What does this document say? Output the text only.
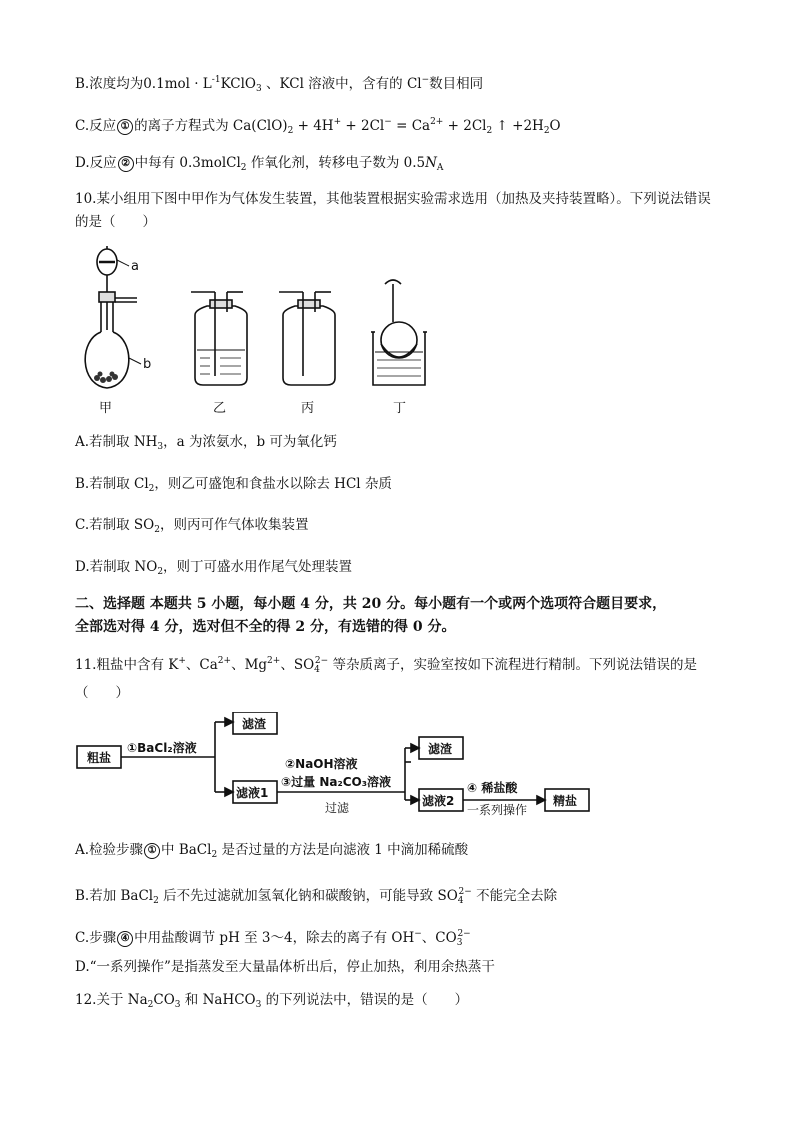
B.浓度均为$0.1mol \cdot L^{-1}KClO_3$ 、KCl 溶液中，含有的 Cl−数目相同
C.反应 ① 的离子方程式为 $Ca(ClO)_2 + 4H^+ + 2Cl^- = Ca^{2+} + 2Cl_2$ ↑ $+2H_2O$
D.反应 ② 中每有 0.3molCl$_2$ 作氧化剂，转移电子数为 $0.5N_A$
10.某小组用下图中甲作为气体发生装置，其他装置根据实验需求选用（加热及夹持装置略）。下列说法错误
的是（　　）
a
b
甲	乙	丙	丁
A.若制取 $NH_3$，a 为浓氨水，b 可为氧化钙
B.若制取 $Cl_2$，则乙可盛饱和食盐水以除去 HCl 杂质
C.若制取 $SO_2$，则丙可作气体收集装置
D.若制取 $NO_2$，则丁可盛水用作尾气处理装置
二、选择题 本题共 5 小题，每小题 4 分，共 20 分。每小题有一个或两个选项符合题目要求，
全部选对得 4 分，选对但不全的得 2 分，有选错的得 0 分。
11.粗盐中含有 K+、$Ca^{2+}$、$Mg^{2+}$、$SO_4^{2-}$ 等杂质离子，实验室按如下流程进行精制。下列说法错误的是
（　　）
粗盐
①BaCl₂溶液
滤渣
滤液1
②NaOH溶液
③过量 Na₂CO₃溶液
过滤
滤渣
滤液2
④ 稀盐酸
一系列操作
精盐
A.检验步骤 ① 中 BaCl$_2$ 是否过量的方法是向滤液 1 中滴加稀硫酸
B.若加 BaCl$_2$ 后不先过滤就加氢氧化钠和碳酸钠，可能导致 $SO_4^{2-}$ 不能完全去除
C.步骤 ④ 中用盐酸调节 pH 至 3～4，除去的离子有 OH−、$CO_3^{2-}$
D.“一系列操作”是指蒸发至大量晶体析出后，停止加热，利用余热蒸干
12.关于 $Na_2CO_3$ 和 NaHCO$_3$ 的下列说法中，错误的是（　　）
